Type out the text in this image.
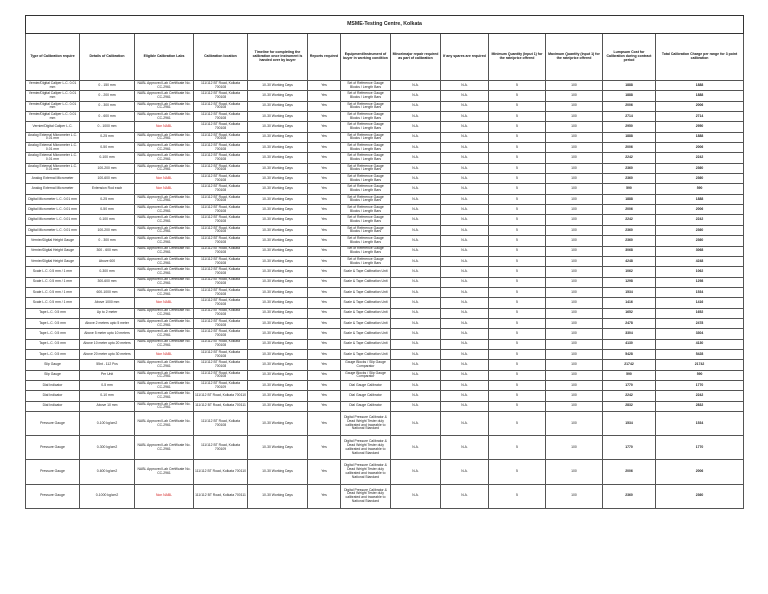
MSME-Testing Centre, Kolkata												
Type of Calibration require	Details of Calibration	Eligible Calibration Labs	Calibration location	Timeline for completing the calibration once instrument is handed over by buyer	Reports required	Equipment/Instrument of buyer in working condition	Minor/major repair required as part of calibration	If any spares are required	Minimum Quantity (Input 1) for the rate/price offered	Maximum Quantity (Input 1) for the rate/price offered	Lumpsum Cost for Calibration during contract period	Total Calibration Charge per range for 3 point calibration
Vernier/Digital Caliper L.C. 0.01 mm	0 - 150 mm	NABL Approved Lab Certificate No. CC-2961	111/112 BT Road, Kolkata 700108	10-30 Working Days	Yes	Set of Reference Gauge Blocks / Length Bars	N.A.	N.A.	5	100	1888	1888
Vernier/Digital Caliper L.C. 0.01 mm	0 - 200 mm	NABL Approved Lab Certificate No. CC-2961	111/112 BT Road, Kolkata 700108	10-30 Working Days	Yes	Set of Reference Gauge Blocks / Length Bars	N.A.	N.A.	5	100	1888	1888
Vernier/Digital Caliper L.C. 0.01 mm	0 - 300 mm	NABL Approved Lab Certificate No. CC-2961	111/112 BT Road, Kolkata 700108	10-30 Working Days	Yes	Set of Reference Gauge Blocks / Length Bars	N.A.	N.A.	5	100	2006	2006
Vernier/Digital Caliper L.C. 0.01 mm	0 - 600 mm	NABL Approved Lab Certificate No. CC-2961	111/112 BT Road, Kolkata 700108	10-30 Working Days	Yes	Set of Reference Gauge Blocks / Length Bars	N.A.	N.A.	5	100	2714	2714
Vernier/Digital Caliper L.C.	0 - 1000 mm	Non NABL	111/112 BT Road, Kolkata 700108	10-30 Working Days	Yes	Set of Reference Gauge Blocks / Length Bars	N.A.	N.A.	5	100	2950	2950
Analog External Micrometer L.C. 0.01 mm	0-25 mm	NABL Approved Lab Certificate No. CC-2961	111/112 BT Road, Kolkata 700108	10-30 Working Days	Yes	Set of Reference Gauge Blocks / Length Bars	N.A.	N.A.	5	100	1888	1888
Analog External Micrometer L.C. 0.01 mm	0-50 mm	NABL Approved Lab Certificate No. CC-2961	111/112 BT Road, Kolkata 700108	10-30 Working Days	Yes	Set of Reference Gauge Blocks / Length Bars	N.A.	N.A.	5	100	2006	2006
Analog External Micrometer L.C. 0.01 mm	0-100 mm	NABL Approved Lab Certificate No. CC-2961	111/112 BT Road, Kolkata 700108	10-30 Working Days	Yes	Set of Reference Gauge Blocks / Length Bars	N.A.	N.A.	5	100	2242	2242
Analog External Micrometer L.C. 0.01 mm	100-200 mm	NABL Approved Lab Certificate No. CC-2961	111/112 BT Road, Kolkata 700108	10-30 Working Days	Yes	Set of Reference Gauge Blocks / Length Bars	N.A.	N.A.	5	100	2360	2360
Analog External Micrometer	100-600 mm	Non NABL	111/112 BT Road, Kolkata 700108	10-30 Working Days	Yes	Set of Reference Gauge Blocks / Length Bars	N.A.	N.A.	5	100	2360	2360
Analog External Micrometer	Extension Rod each	Non NABL	111/112 BT Road, Kolkata 700108	10-30 Working Days	Yes	Set of Reference Gauge Blocks / Length Bars	N.A.	N.A.	5	100	590	590
Digital Micrometer L.C. 0.01 mm	0-25 mm	NABL Approved Lab Certificate No. CC-2961	111/112 BT Road, Kolkata 700108	10-30 Working Days	Yes	Set of Reference Gauge Blocks / Length Bars	N.A.	N.A.	5	100	1888	1888
Digital Micrometer L.C. 0.01 mm	0-50 mm	NABL Approved Lab Certificate No. CC-2961	111/112 BT Road, Kolkata 700108	10-30 Working Days	Yes	Set of Reference Gauge Blocks / Length Bars	N.A.	N.A.	5	100	2006	2006
Digital Micrometer L.C. 0.01 mm	0-100 mm	NABL Approved Lab Certificate No. CC-2961	111/112 BT Road, Kolkata 700108	10-30 Working Days	Yes	Set of Reference Gauge Blocks / Length Bars	N.A.	N.A.	5	100	2242	2242
Digital Micrometer L.C. 0.01 mm	100-200 mm	NABL Approved Lab Certificate No. CC-2961	111/112 BT Road, Kolkata 700108	10-30 Working Days	Yes	Set of Reference Gauge Blocks / Length Bars	N.A.	N.A.	5	100	2360	2360
Vernier/Digital Height Gauge	0 - 300 mm	NABL Approved Lab Certificate No. CC-2961	111/112 BT Road, Kolkata 700108	10-30 Working Days	Yes	Set of Reference Gauge Blocks / Length Bars	N.A.	N.A.	5	100	2360	2360
Vernier/Digital Height Gauge	300 - 600 mm	NABL Approved Lab Certificate No. CC-2961	111/112 BT Road, Kolkata 700108	10-30 Working Days	Yes	Set of Reference Gauge Blocks / Length Bars	N.A.	N.A.	5	100	3068	3068
Vernier/Digital Height Gauge	Above 600	NABL Approved Lab Certificate No. CC-2961	111/112 BT Road, Kolkata 700108	10-30 Working Days	Yes	Set of Reference Gauge Blocks / Length Bars	N.A.	N.A.	5	100	4248	4248
Scale L.C. 0.5 mm / 1 mm	0-300 mm	NABL Approved Lab Certificate No. CC-2961	111/112 BT Road, Kolkata 700108	10-30 Working Days	Yes	Scale & Tape Calibration Unit	N.A.	N.A.	5	100	1062	1062
Scale L.C. 0.5 mm / 1 mm	300-600 mm	NABL Approved Lab Certificate No. CC-2961	111/112 BT Road, Kolkata 700108	10-30 Working Days	Yes	Scale & Tape Calibration Unit	N.A.	N.A.	5	100	1298	1298
Scale L.C. 0.5 mm / 1 mm	600-1000 mm	NABL Approved Lab Certificate No. CC-2961	111/112 BT Road, Kolkata 700108	10-30 Working Days	Yes	Scale & Tape Calibration Unit	N.A.	N.A.	5	100	1534	1534
Scale L.C. 0.5 mm / 1 mm	Above 1000 mm	Non NABL	111/112 BT Road, Kolkata 700108	10-30 Working Days	Yes	Scale & Tape Calibration Unit	N.A.	N.A.	5	100	1416	1416
Tape L.C. 0.5 mm	Up to 2 meter	NABL Approved Lab Certificate No. CC-2961	111/112 BT Road, Kolkata 700108	10-30 Working Days	Yes	Scale & Tape Calibration Unit	N.A.	N.A.	5	100	1652	1652
Tape L.C. 0.5 mm	Above 2 meters upto 5 meter	NABL Approved Lab Certificate No. CC-2961	111/112 BT Road, Kolkata 700108	10-30 Working Days	Yes	Scale & Tape Calibration Unit	N.A.	N.A.	5	100	2478	2478
Tape L.C. 0.5 mm	Above 5 meter upto 10 meters	NABL Approved Lab Certificate No. CC-2961	111/112 BT Road, Kolkata 700108	10-30 Working Days	Yes	Scale & Tape Calibration Unit	N.A.	N.A.	5	100	3304	3304
Tape L.C. 0.5 mm	Above 10 meter upto 20 meters	NABL Approved Lab Certificate No. CC-2961	111/112 BT Road, Kolkata 700108	10-30 Working Days	Yes	Scale & Tape Calibration Unit	N.A.	N.A.	5	100	4130	4130
Tape L.C. 0.5 mm	Above 20 meter upto 30 meters	Non NABL	111/112 BT Road, Kolkata 700108	10-30 Working Days	Yes	Scale & Tape Calibration Unit	N.A.	N.A.	5	100	5428	5428
Slip Gauge	55nt - 112 Pcs	NABL Approved Lab Certificate No. CC-2961	111/112 BT Road, Kolkata 700108	10-30 Working Days	Yes	Gauge Blocks / Slip Gauge Comparator	N.A.	N.A.	5	100	21742	21742
Slip Gauge	Per Unit	NABL Approved Lab Certificate No. CC-2961	111/112 BT Road, Kolkata 700108	10-30 Working Days	Yes	Gauge Blocks / Slip Gauge Comparator	N.A.	N.A.	5	100	590	590
Dial Indicator	0-5 mm	NABL Approved Lab Certificate No. CC-2961	111/112 BT Road, Kolkata 700109	10-30 Working Days	Yes	Dial Gauge Calibrator	N.A.	N.A.	5	100	1770	1770
Dial Indicator	0-10 mm	NABL Approved Lab Certificate No. CC-2961	111/112 BT Road, Kolkata 700110	10-30 Working Days	Yes	Dial Gauge Calibrator	N.A.	N.A.	5	100	2242	2242
Dial Indicator	Above 10 mm	NABL Approved Lab Certificate No. CC-2961	111/112 BT Road, Kolkata 700111	10-30 Working Days	Yes	Dial Gauge Calibrator	N.A.	N.A.	5	100	2832	2832
Pressure Gauge	0-100 kg/cm2	NABL Approved Lab Certificate No. CC-2961	111/112 BT Road, Kolkata 700108	10-30 Working Days	Yes	Digital Pressure Calibrator & Dead Weight Tester duly calibrated and traceable to National Standard	N.A.	N.A.	5	100	1534	1534
Pressure Gauge	0-300 kg/cm2	NABL Approved Lab Certificate No. CC-2961	111/112 BT Road, Kolkata 700109	10-30 Working Days	Yes	Digital Pressure Calibrator & Dead Weight Tester duly calibrated and traceable to National Standard	N.A.	N.A.	5	100	1770	1770
Pressure Gauge	0-600 kg/cm2	NABL Approved Lab Certificate No. CC-2961	111/112 BT Road, Kolkata 700110	10-30 Working Days	Yes	Digital Pressure Calibrator & Dead Weight Tester duly calibrated and traceable to National Standard	N.A.	N.A.	5	100	2006	2006
Pressure Gauge	0-1000 kg/cm2	Non NABL	111/112 BT Road, Kolkata 700111	10-30 Working Days	Yes	Digital Pressure Calibrator & Dead Weight Tester duly calibrated and traceable to National Standard	N.A.	N.A.	5	100	2360	2360
